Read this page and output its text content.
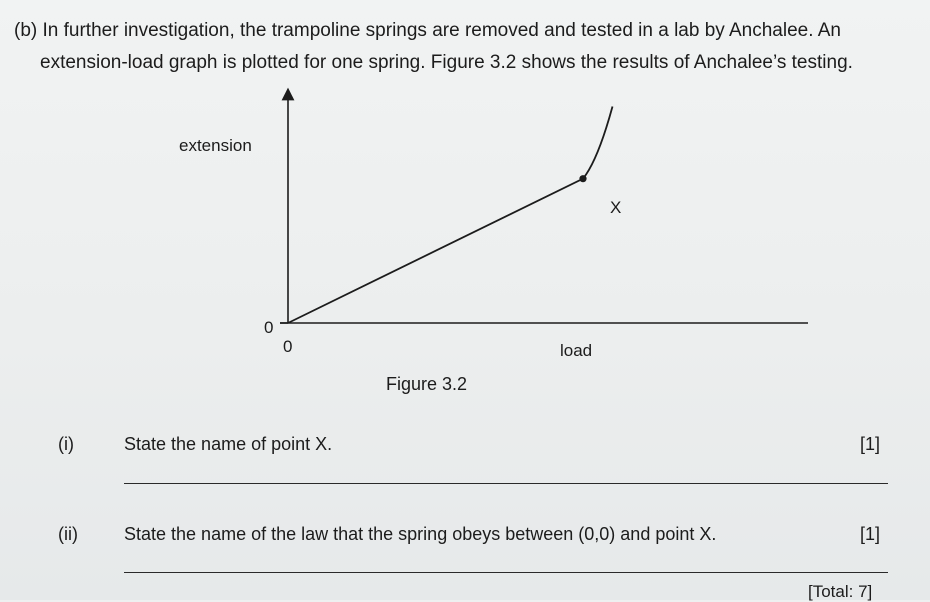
(b) In further investigation, the trampoline springs are removed and tested in a lab by Anchalee. An
extension-load graph is plotted for one spring. Figure 3.2 shows the results of Anchalee’s testing.
0
0
X
extension
load
Figure 3.2
(i)	State the name of point X.	[1]
(ii)	State the name of the law that the spring obeys between (0,0) and point X.	[1]
[Total: 7]
